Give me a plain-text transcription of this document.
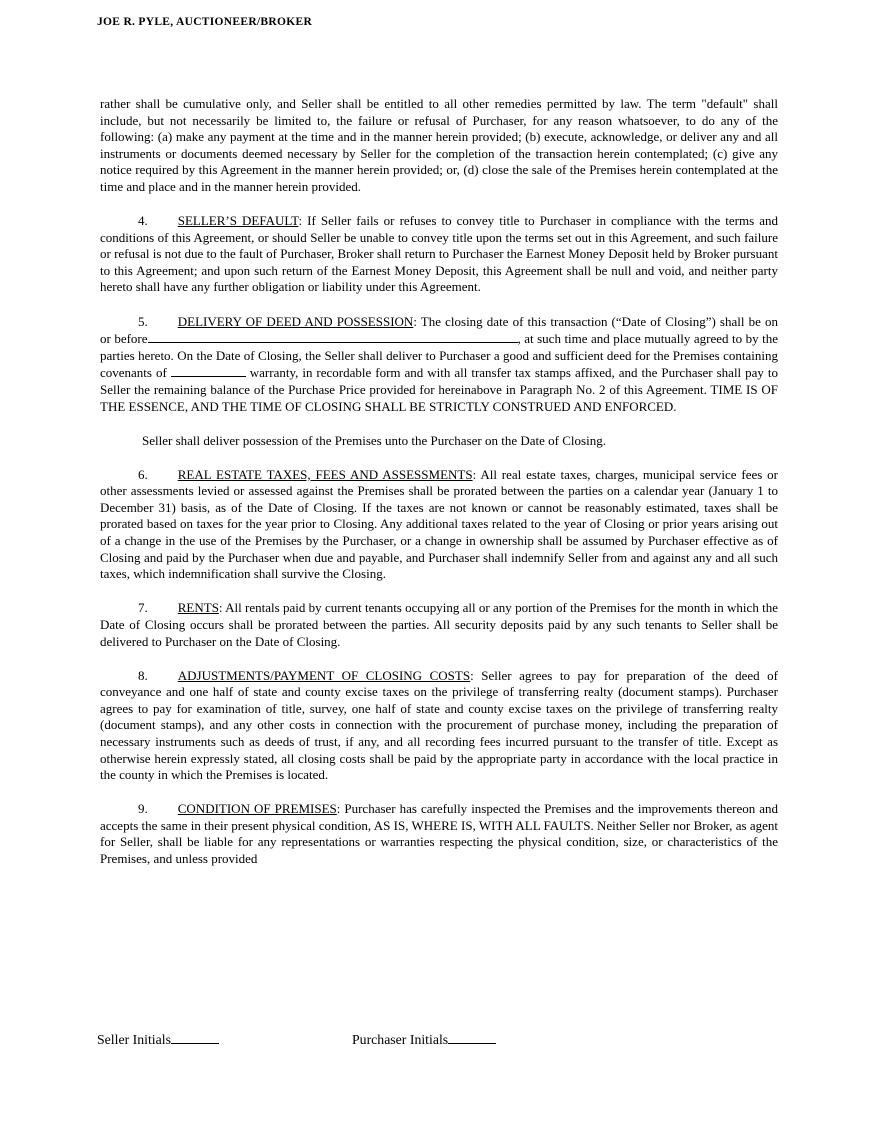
JOE R. PYLE, AUCTIONEER/BROKER

rather shall be cumulative only, and Seller shall be entitled to all other remedies permitted by law. The term "default" shall include, but not necessarily be limited to, the failure or refusal of Purchaser, for any reason whatsoever, to do any of the following: (a) make any payment at the time and in the manner herein provided; (b) execute, acknowledge, or deliver any and all instruments or documents deemed necessary by Seller for the completion of the transaction herein contemplated; (c) give any notice required by this Agreement in the manner herein provided; or, (d) close the sale of the Premises herein contemplated at the time and place and in the manner herein provided.

4. SELLER’S DEFAULT: If Seller fails or refuses to convey title to Purchaser in compliance with the terms and conditions of this Agreement, or should Seller be unable to convey title upon the terms set out in this Agreement, and such failure or refusal is not due to the fault of Purchaser, Broker shall return to Purchaser the Earnest Money Deposit held by Broker pursuant to this Agreement; and upon such return of the Earnest Money Deposit, this Agreement shall be null and void, and neither party hereto shall have any further obligation or liability under this Agreement.

5. DELIVERY OF DEED AND POSSESSION: The closing date of this transaction (“Date of Closing”) shall be on or before	, at such time and place mutually agreed to by the parties hereto. On the Date of Closing, the Seller shall deliver to Purchaser a good and sufficient deed for the Premises containing covenants of	warranty, in recordable form and with all transfer tax stamps affixed, and the Purchaser shall pay to Seller the remaining balance of the Purchase Price provided for hereinabove in Paragraph No. 2 of this Agreement. TIME IS OF THE ESSENCE, AND THE TIME OF CLOSING SHALL BE STRICTLY CONSTRUED AND ENFORCED.

Seller shall deliver possession of the Premises unto the Purchaser on the Date of Closing.

6. REAL ESTATE TAXES, FEES AND ASSESSMENTS: All real estate taxes, charges, municipal service fees or other assessments levied or assessed against the Premises shall be prorated between the parties on a calendar year (January 1 to December 31) basis, as of the Date of Closing. If the taxes are not known or cannot be reasonably estimated, taxes shall be prorated based on taxes for the year prior to Closing. Any additional taxes related to the year of Closing or prior years arising out of a change in the use of the Premises by the Purchaser, or a change in ownership shall be assumed by Purchaser effective as of Closing and paid by the Purchaser when due and payable, and Purchaser shall indemnify Seller from and against any and all such taxes, which indemnification shall survive the Closing.

7. RENTS: All rentals paid by current tenants occupying all or any portion of the Premises for the month in which the Date of Closing occurs shall be prorated between the parties. All security deposits paid by any such tenants to Seller shall be delivered to Purchaser on the Date of Closing.

8. ADJUSTMENTS/PAYMENT OF CLOSING COSTS: Seller agrees to pay for preparation of the deed of conveyance and one half of state and county excise taxes on the privilege of transferring realty (document stamps). Purchaser agrees to pay for examination of title, survey, one half of state and county excise taxes on the privilege of transferring realty (document stamps), and any other costs in connection with the procurement of purchase money, including the preparation of necessary instruments such as deeds of trust, if any, and all recording fees incurred pursuant to the transfer of title. Except as otherwise herein expressly stated, all closing costs shall be paid by the appropriate party in accordance with the local practice in the county in which the Premises is located.

9. CONDITION OF PREMISES: Purchaser has carefully inspected the Premises and the improvements thereon and accepts the same in their present physical condition, AS IS, WHERE IS, WITH ALL FAULTS. Neither Seller nor Broker, as agent for Seller, shall be liable for any representations or warranties respecting the physical condition, size, or characteristics of the Premises, and unless provided

Seller Initials	Purchaser Initials
